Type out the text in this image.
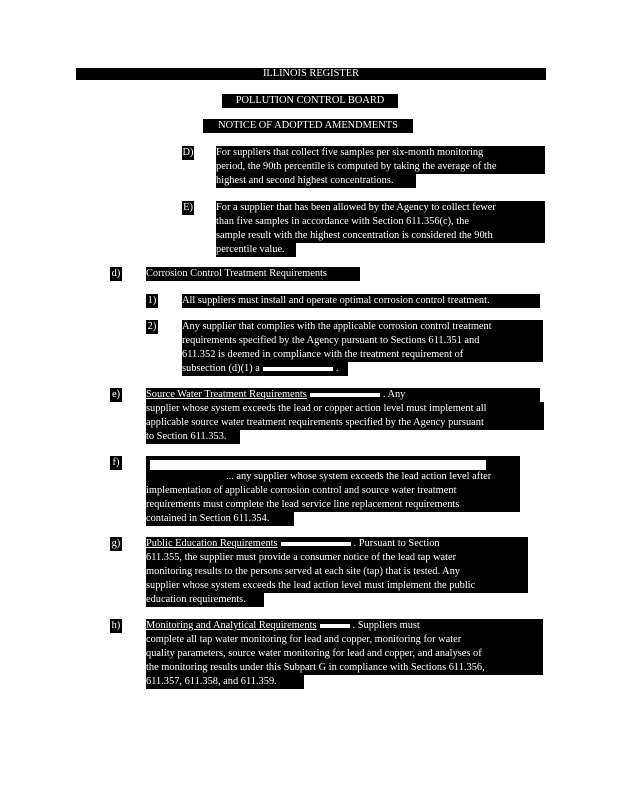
ILLINOIS REGISTER
POLLUTION CONTROL BOARD
NOTICE OF ADOPTED AMENDMENTS
D) For suppliers that collect five samples per six-month monitoring
period, the 90th percentile is computed by taking the average of the
highest and second highest concentrations.
E) For a supplier that has been allowed by the Agency to collect fewer
than five samples in accordance with Section 611.356(c), the
sample result with the highest concentration is considered the 90th
percentile value.
d) Corrosion Control Treatment Requirements
1) All suppliers must install and operate optimal corrosion control treatment.
2) Any supplier that complies with the applicable corrosion control treatment
requirements specified by the Agency pursuant to Sections 611.351 and
611.352 is deemed in compliance with the treatment requirement of
subsection (d)(1) a	.
e) Source Water Treatment Requirements	. Any
supplier whose system exceeds the lead or copper action level must implement all
applicable source water treatment requirements specified by the Agency pursuant
to Section 611.353.
f)
... any supplier whose system exceeds the lead action level after
implementation of applicable corrosion control and source water treatment
requirements must complete the lead service line replacement requirements
contained in Section 611.354.
g) Public Education Requirements	. Pursuant to Section
611.355, the supplier must provide a consumer notice of the lead tap water
monitoring results to the persons served at each site (tap) that is tested. Any
supplier whose system exceeds the lead action level must implement the public
education requirements.
h) Monitoring and Analytical Requirements	. Suppliers must
complete all tap water monitoring for lead and copper, monitoring for water
quality parameters, source water monitoring for lead and copper, and analyses of
the monitoring results under this Subpart G in compliance with Sections 611.356,
611.357, 611.358, and 611.359.
